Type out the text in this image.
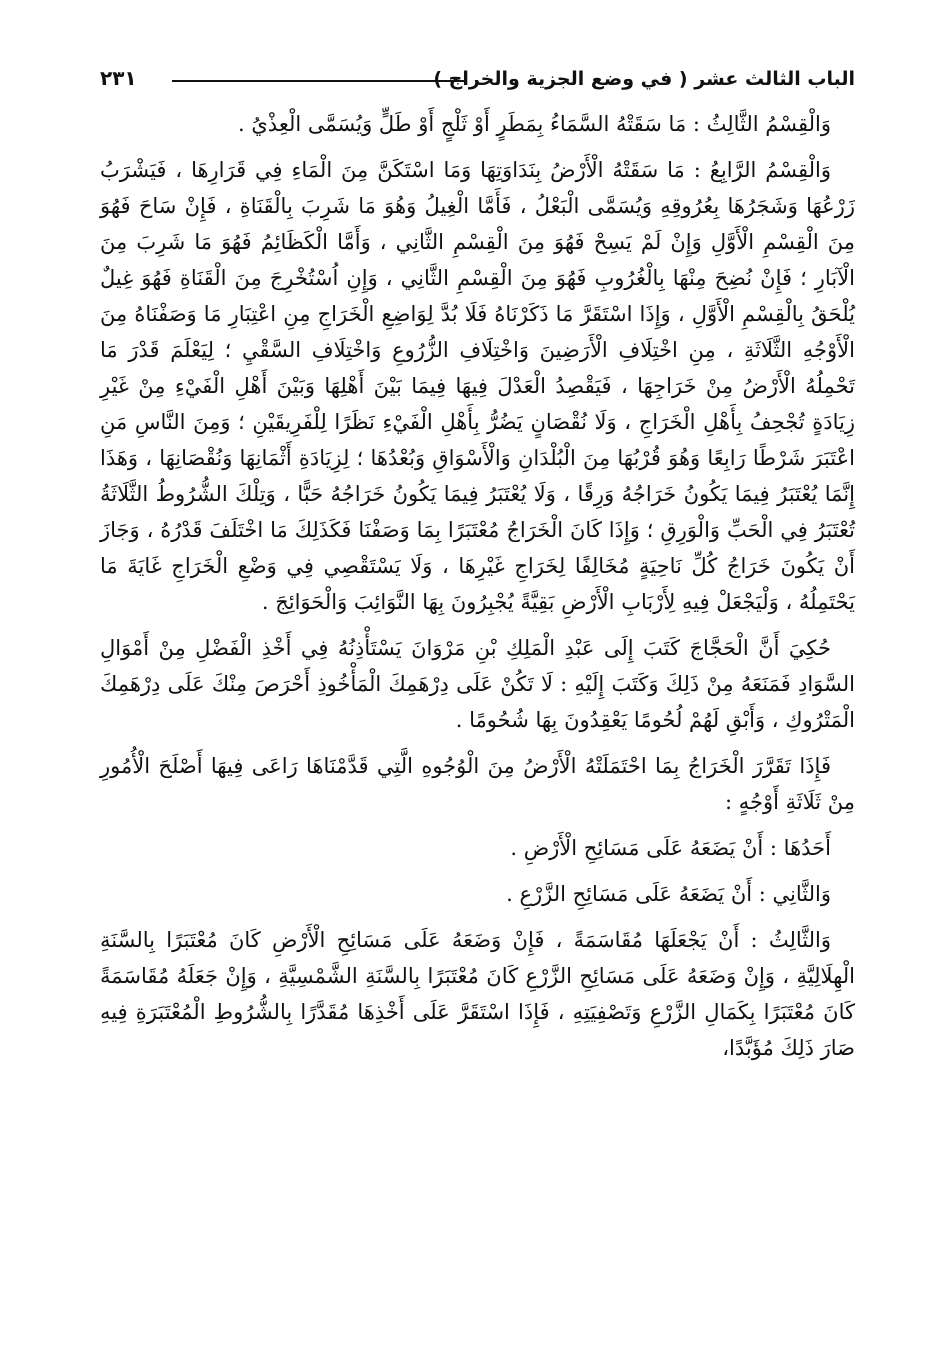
الباب الثالث عشر ( في وضع الجزية والخراج )
٢٣١

وَالْقِسْمُ الثَّالِثُ : مَا سَقَتْهُ السَّمَاءُ بِمَطَرٍ أَوْ ثَلْجٍ أَوْ طَلٍّ وَيُسَمَّى الْعِذْيُ .

وَالْقِسْمُ الرَّابِعُ : مَا سَقَتْهُ الْأَرْضُ بِنَدَاوَتِهَا وَمَا اسْتَكَنَّ مِنَ الْمَاءِ فِي قَرَارِهَا ، فَيَشْرَبُ زَرْعُهَا وَشَجَرُهَا بِعُرُوقِهِ وَيُسَمَّى الْبَعْلُ ، فَأَمَّا الْغِيلُ وَهُوَ مَا شَرِبَ بِالْقَنَاةِ ، فَإِنْ سَاحَ فَهُوَ مِنَ الْقِسْمِ الْأَوَّلِ وَإِنْ لَمْ يَسِحْ فَهُوَ مِنَ الْقِسْمِ الثَّانِي ، وَأَمَّا الْكَظَائِمُ فَهُوَ مَا شَرِبَ مِنَ الْآبَارِ ؛ فَإِنْ نُضِحَ مِنْهَا بِالْغُرُوبِ فَهُوَ مِنَ الْقِسْمِ الثَّانِي ، وَإِنِ اُسْتُخْرِجَ مِنَ الْقَنَاةِ فَهُوَ غِيلٌ يُلْحَقُ بِالْقِسْمِ الْأَوَّلِ ، وَإِذَا اسْتَقَرَّ مَا ذَكَرْنَاهُ فَلَا بُدَّ لِوَاضِعِ الْخَرَاجِ مِنِ اعْتِبَارِ مَا وَصَفْنَاهُ مِنَ الْأَوْجُهِ الثَّلَاثَةِ ، مِنِ اخْتِلَافِ الْأَرَضِينَ وَاخْتِلَافِ الزُّرُوعِ وَاخْتِلَافِ السَّقْيِ ؛ لِيَعْلَمَ قَدْرَ مَا تَحْمِلُهُ الْأَرْضُ مِنْ خَرَاجِهَا ، فَيَقْصِدُ الْعَدْلَ فِيهَا فِيمَا بَيْنَ أَهْلِهَا وَبَيْنَ أَهْلِ الْفَيْءِ مِنْ غَيْرِ زِيَادَةٍ تُجْحِفُ بِأَهْلِ الْخَرَاجِ ، وَلَا نُقْصَانٍ يَضُرُّ بِأَهْلِ الْفَيْءِ نَظَرًا لِلْفَرِيقَيْنِ ؛ وَمِنَ النَّاسِ مَنِ اعْتَبَرَ شَرْطًا رَابِعًا وَهُوَ قُرْبُهَا مِنَ الْبُلْدَانِ وَالْأَسْوَاقِ وَبُعْدُهَا ؛ لِزِيَادَةِ أَثْمَانِهَا وَنُقْصَانِهَا ، وَهَذَا إِنَّمَا يُعْتَبَرُ فِيمَا يَكُونُ خَرَاجُهُ وَرِقًا ، وَلَا يُعْتَبَرُ فِيمَا يَكُونُ خَرَاجُهُ حَبًّا ، وَتِلْكَ الشُّرُوطُ الثَّلَاثَةُ تُعْتَبَرُ فِي الْحَبِّ وَالْوَرِقِ ؛ وَإِذَا كَانَ الْخَرَاجُ مُعْتَبَرًا بِمَا وَصَفْنَا فَكَذَلِكَ مَا اخْتَلَفَ قَدْرُهُ ، وَجَازَ أَنْ يَكُونَ خَرَاجُ كُلِّ نَاحِيَةٍ مُخَالِفًا لِخَرَاجِ غَيْرِهَا ، وَلَا يَسْتَقْصِي فِي وَضْعِ الْخَرَاجِ غَايَةَ مَا يَحْتَمِلُهُ ، وَلْيَجْعَلْ فِيهِ لِأَرْبَابِ الْأَرْضِ بَقِيَّةً يُجْبِرُونَ بِهَا النَّوَائِبَ وَالْحَوَائِجَ .

حُكِيَ أَنَّ الْحَجَّاجَ كَتَبَ إِلَى عَبْدِ الْمَلِكِ بْنِ مَرْوَانَ يَسْتَأْذِنُهُ فِي أَخْذِ الْفَضْلِ مِنْ أَمْوَالِ السَّوَادِ فَمَنَعَهُ مِنْ ذَلِكَ وَكَتَبَ إِلَيْهِ : لَا تَكُنْ عَلَى دِرْهَمِكَ الْمَأْخُوذِ أَحْرَصَ مِنْكَ عَلَى دِرْهَمِكَ الْمَتْرُوكِ ، وَأَبْقِ لَهُمْ لُحُومًا يَعْقِدُونَ بِهَا شُحُومًا .

فَإِذَا تَقَرَّرَ الْخَرَاجُ بِمَا احْتَمَلَتْهُ الْأَرْضُ مِنَ الْوُجُوهِ الَّتِي قَدَّمْنَاهَا رَاعَى فِيهَا أَصْلَحَ الْأُمُورِ مِنْ ثَلَاثَةِ أَوْجُهٍ :

أَحَدُهَا : أَنْ يَضَعَهُ عَلَى مَسَائِحِ الْأَرْضِ .

وَالثَّانِي : أَنْ يَضَعَهُ عَلَى مَسَائِحِ الزَّرْعِ .

وَالثَّالِثُ : أَنْ يَجْعَلَهَا مُقَاسَمَةً ، فَإِنْ وَضَعَهُ عَلَى مَسَائِحِ الْأَرْضِ كَانَ مُعْتَبَرًا بِالسَّنَةِ الْهِلَالِيَّةِ ، وَإِنْ وَضَعَهُ عَلَى مَسَائِحِ الزَّرْعِ كَانَ مُعْتَبَرًا بِالسَّنَةِ الشَّمْسِيَّةِ ، وَإِنْ جَعَلَهُ مُقَاسَمَةً كَانَ مُعْتَبَرًا بِكَمَالِ الزَّرْعِ وَتَصْفِيَتِهِ ، فَإِذَا اسْتَقَرَّ عَلَى أَخْذِهَا مُقَدَّرًا بِالشُّرُوطِ الْمُعْتَبَرَةِ فِيهِ صَارَ ذَلِكَ مُؤَبَّدًا،
